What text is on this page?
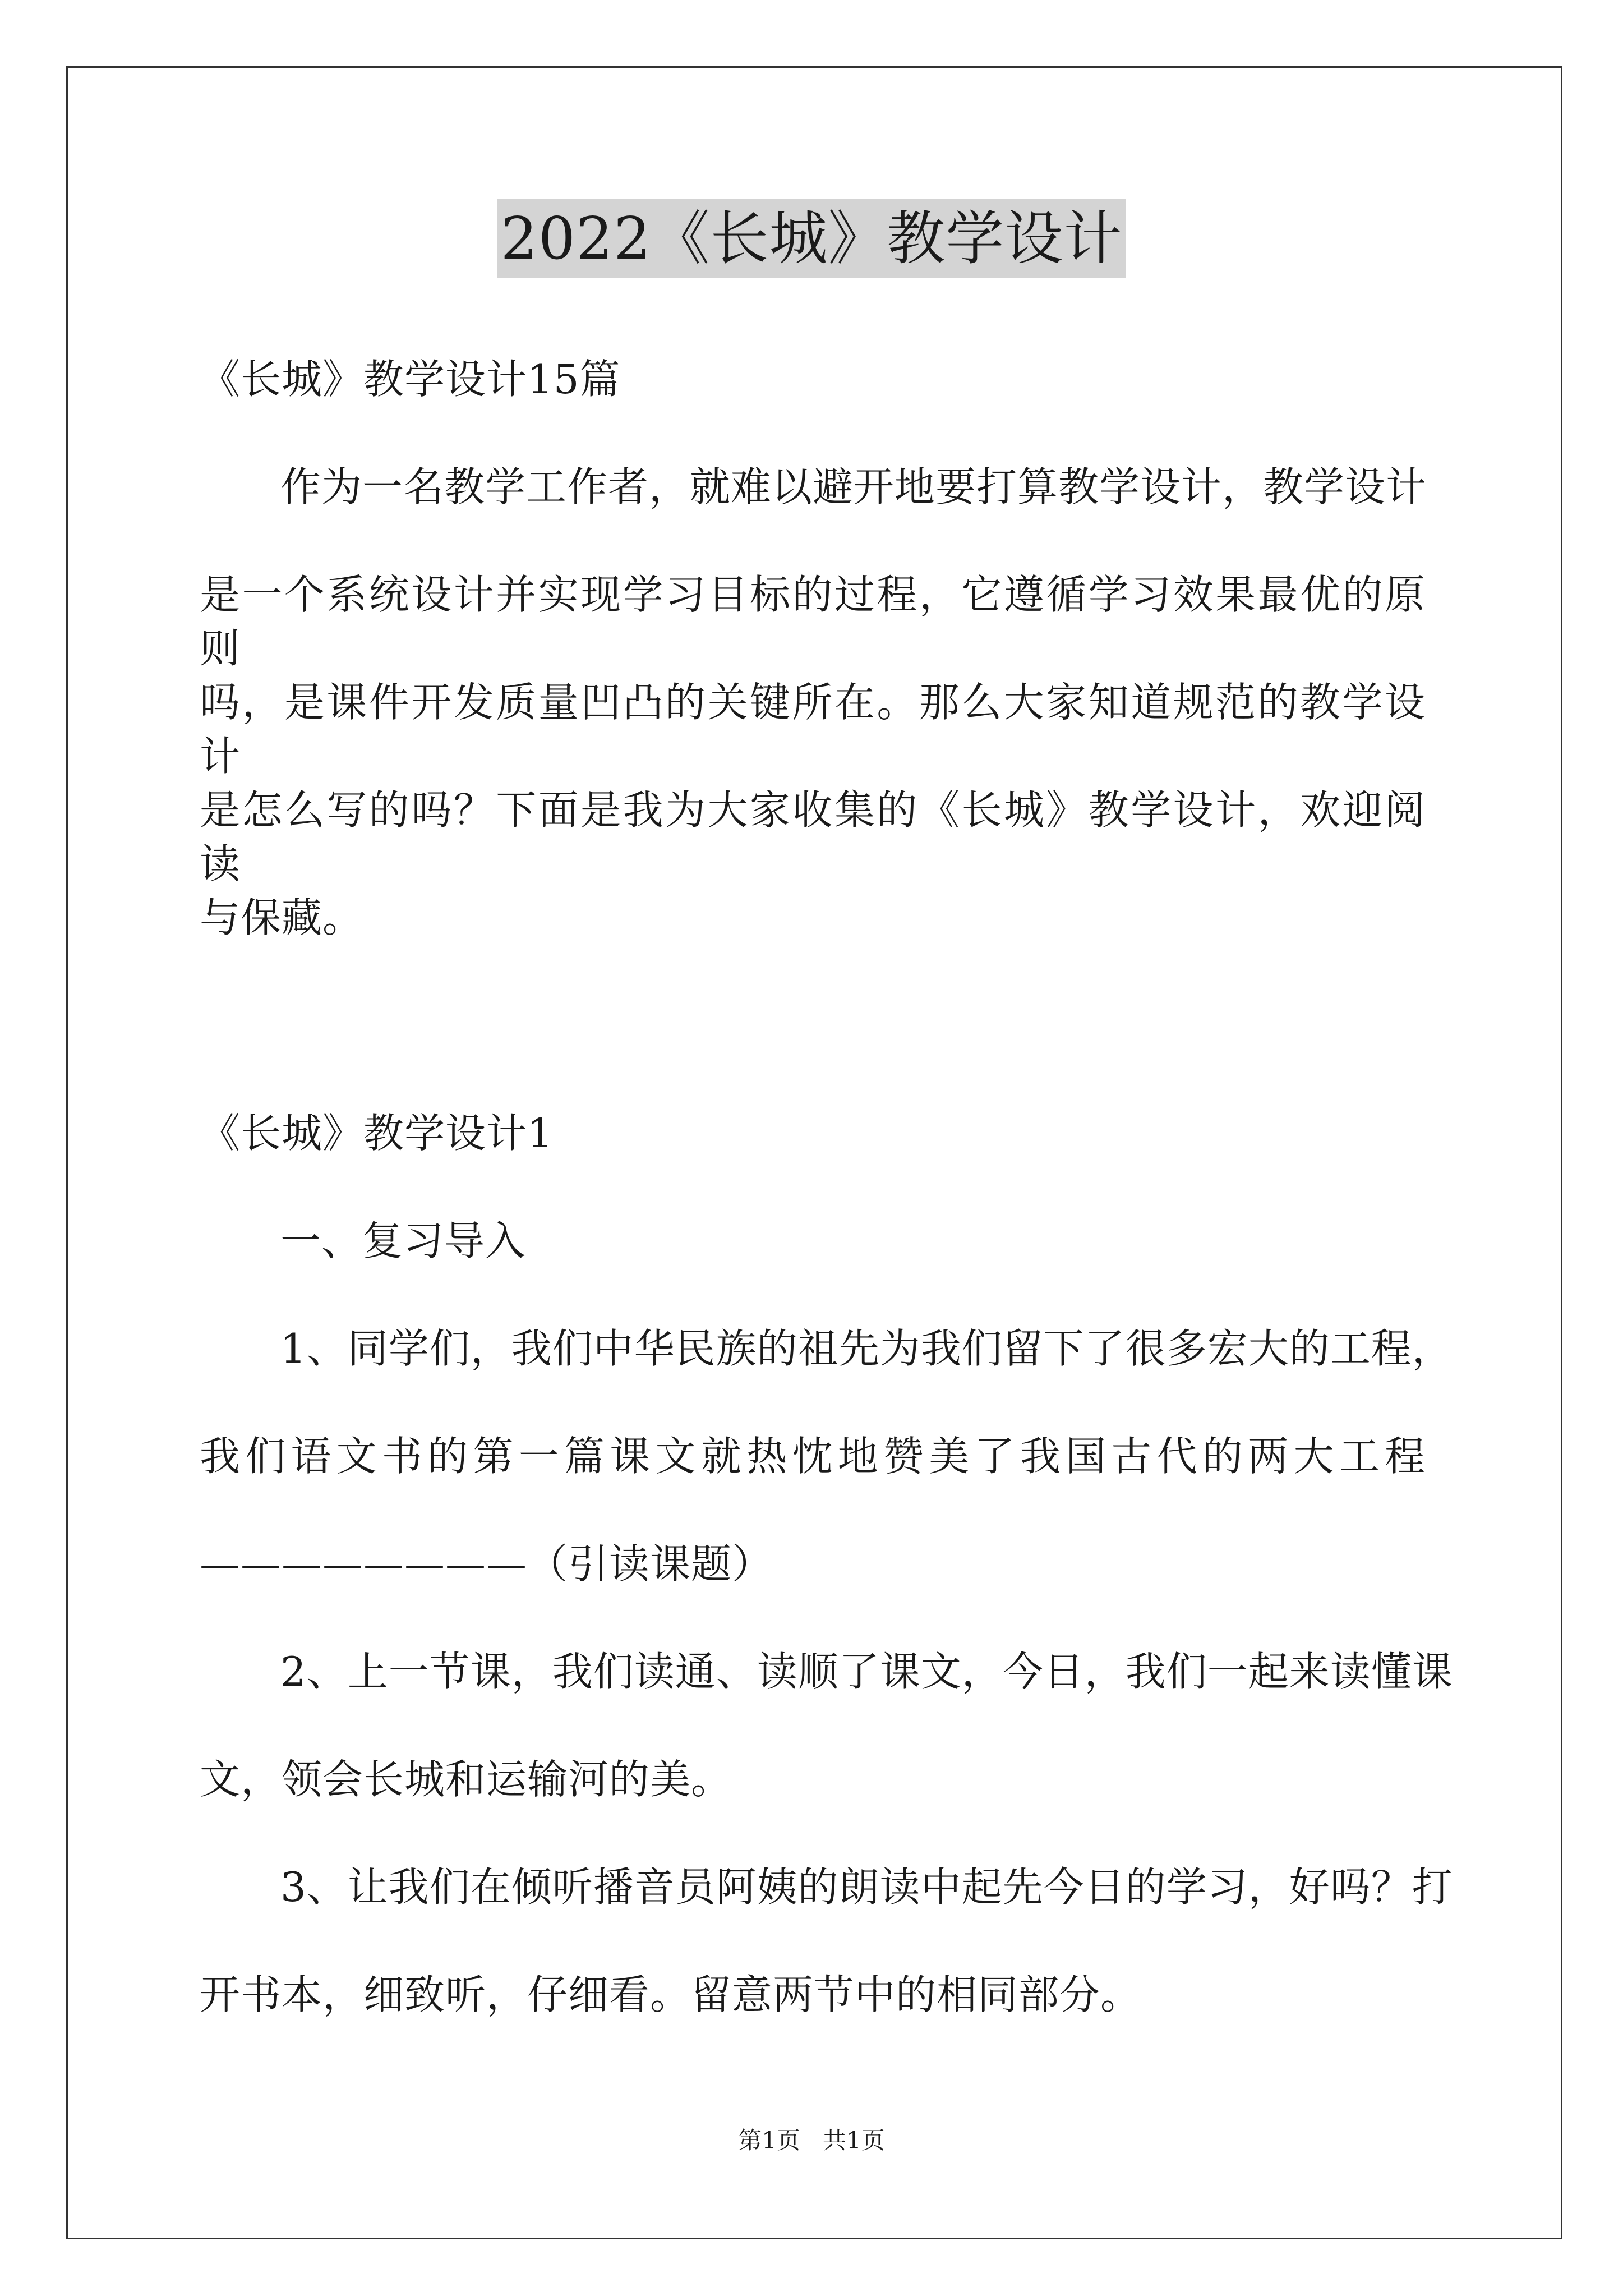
2022《长城》教学设计
《长城》教学设计15篇
作为一名教学工作者，就难以避开地要打算教学设计，教学设计
是一个系统设计并实现学习目标的过程，它遵循学习效果最优的原则
吗，是课件开发质量凹凸的关键所在。那么大家知道规范的教学设计
是怎么写的吗？下面是我为大家收集的《长城》教学设计，欢迎阅读
与保藏。
《长城》教学设计1
一、复习导入
1、同学们，我们中华民族的祖先为我们留下了很多宏大的工程，
我们语文书的第一篇课文就热忱地赞美了我国古代的两大工程
————————（引读课题）
2、上一节课，我们读通、读顺了课文，今日，我们一起来读懂课
文，领会长城和运输河的美。
3、让我们在倾听播音员阿姨的朗读中起先今日的学习，好吗？打
开书本，细致听，仔细看。留意两节中的相同部分。
第1页   共1页
